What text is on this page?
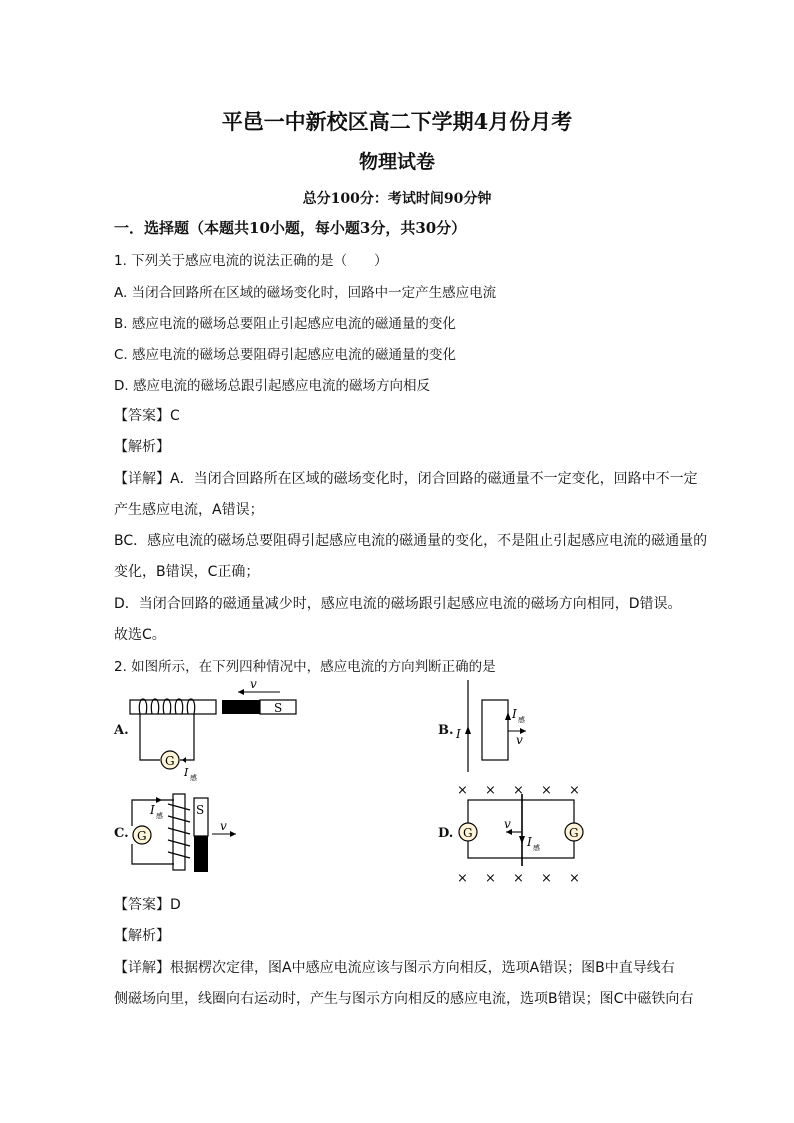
平邑一中新校区高二下学期4月份月考
物理试卷
总分100分：考试时间90分钟
一．选择题（本题共10小题，每小题3分，共30分）
1. 下列关于感应电流的说法正确的是（　　）
A. 当闭合回路所在区域的磁场变化时，回路中一定产生感应电流
B. 感应电流的磁场总要阻止引起感应电流的磁通量的变化
C. 感应电流的磁场总要阻碍引起感应电流的磁通量的变化
D. 感应电流的磁场总跟引起感应电流的磁场方向相反
【答案】C
【解析】
【详解】A．当闭合回路所在区域的磁场变化时，闭合回路的磁通量不一定变化，回路中不一定
产生感应电流，A错误；
BC．感应电流的磁场总要阻碍引起感应电流的磁通量的变化，不是阻止引起感应电流的磁通量的
变化，B错误，C正确；
D．当闭合回路的磁通量减少时，感应电流的磁场跟引起感应电流的磁场方向相同，D错误。
故选C。
2. 如图所示，在下列四种情况中，感应电流的方向判断正确的是
A.
S
v
G
I 感
B. I
I 感
v
C. G
I 感	S
v	D.
× × × × ×
× × × × ×
G	G
v
I 感
【答案】D
【解析】
【详解】根据楞次定律，图A中感应电流应该与图示方向相反，选项A错误；图B中直导线右
侧磁场向里，线圈向右运动时，产生与图示方向相反的感应电流，选项B错误；图C中磁铁向右
